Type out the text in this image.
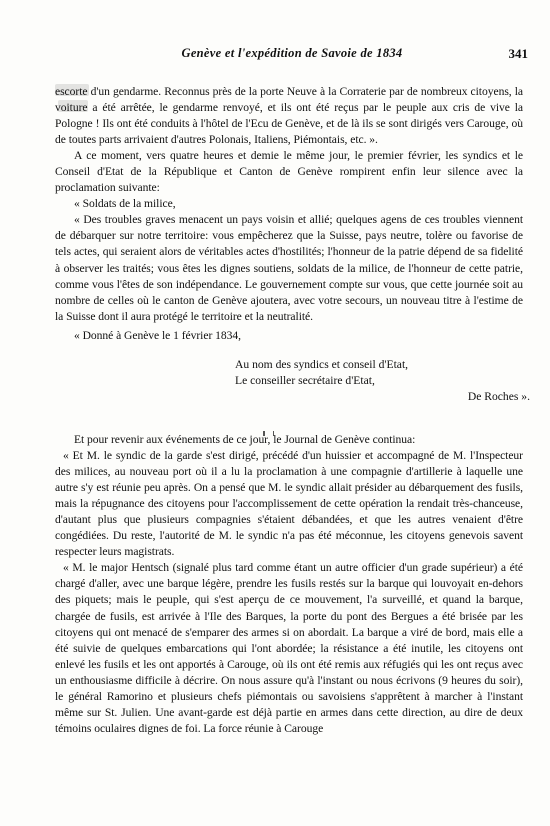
Genève et l'expédition de Savoie de 1834	341

escorte d'un gendarme. Reconnus près de la porte Neuve à la Corraterie par de nombreux citoyens, la voiture a été arrêtée, le gendarme renvoyé, et ils ont été reçus par le peuple aux cris de vive la Pologne ! Ils ont été conduits à l'hôtel de l'Ecu de Genève, et de là ils se sont dirigés vers Carouge, où de toutes parts arrivaient d'autres Polonais, Italiens, Piémontais, etc. ».

A ce moment, vers quatre heures et demie le même jour, le premier février, les syndics et le Conseil d'Etat de la République et Canton de Genève rompirent enfin leur silence avec la proclamation suivante:

« Soldats de la milice,

« Des troubles graves menacent un pays voisin et allié; quelques agens de ces troubles viennent de débarquer sur notre territoire: vous empêcherez que la Suisse, pays neutre, tolère ou favorise de tels actes, qui seraient alors de véritables actes d'hostilités; l'honneur de la patrie dépend de sa fidelité à observer les traités; vous êtes les dignes soutiens, soldats de la milice, de l'honneur de cette patrie, comme vous l'êtes de son indépendance. Le gouvernement compte sur vous, que cette journée soit au nombre de celles où le canton de Genève ajoutera, avec votre secours, un nouveau titre à l'estime de la Suisse dont il aura protégé le territoire et la neutralité.

« Donné à Genève le 1 février 1834,

Au nom des syndics et conseil d'Etat,
Le conseiller secrétaire d'Etat,
De Roches ».

Et pour revenir aux événements de ce jour, le Journal de Genève continua:

« Et M. le syndic de la garde s'est dirigé, précédé d'un huissier et accompagné de M. l'Inspecteur des milices, au nouveau port où il a lu la proclamation à une compagnie d'artillerie à laquelle une autre s'y est réunie peu après. On a pensé que M. le syndic allait présider au débarquement des fusils, mais la répugnance des citoyens pour l'accomplissement de cette opération la rendait très-chanceuse, d'autant plus que plusieurs compagnies s'étaient débandées, et que les autres venaient d'être congédiées. Du reste, l'autorité de M. le syndic n'a pas été méconnue, les citoyens genevois savent respecter leurs magistrats.

« M. le major Hentsch (signalé plus tard comme étant un autre officier d'un grade supérieur) a été chargé d'aller, avec une barque légère, prendre les fusils restés sur la barque qui louvoyait en-dehors des piquets; mais le peuple, qui s'est aperçu de ce mouvement, l'a surveillé, et quand la barque, chargée de fusils, est arrivée à l'Ile des Barques, la porte du pont des Bergues a été brisée par les citoyens qui ont menacé de s'emparer des armes si on abordait. La barque a viré de bord, mais elle a été suivie de quelques embarcations qui l'ont abordée; la résistance a été inutile, les citoyens ont enlevé les fusils et les ont apportés à Carouge, où ils ont été remis aux réfugiés qui les ont reçus avec un enthousiasme difficile à décrire. On nous assure qu'à l'instant ou nous écrivons (9 heures du soir), le général Ramorino et plusieurs chefs piémontais ou savoisiens s'apprêtent à marcher à l'instant même sur St. Julien. Une avant-garde est déjà partie en armes dans cette direction, au dire de deux témoins oculaires dignes de foi. La force réunie à Carouge
